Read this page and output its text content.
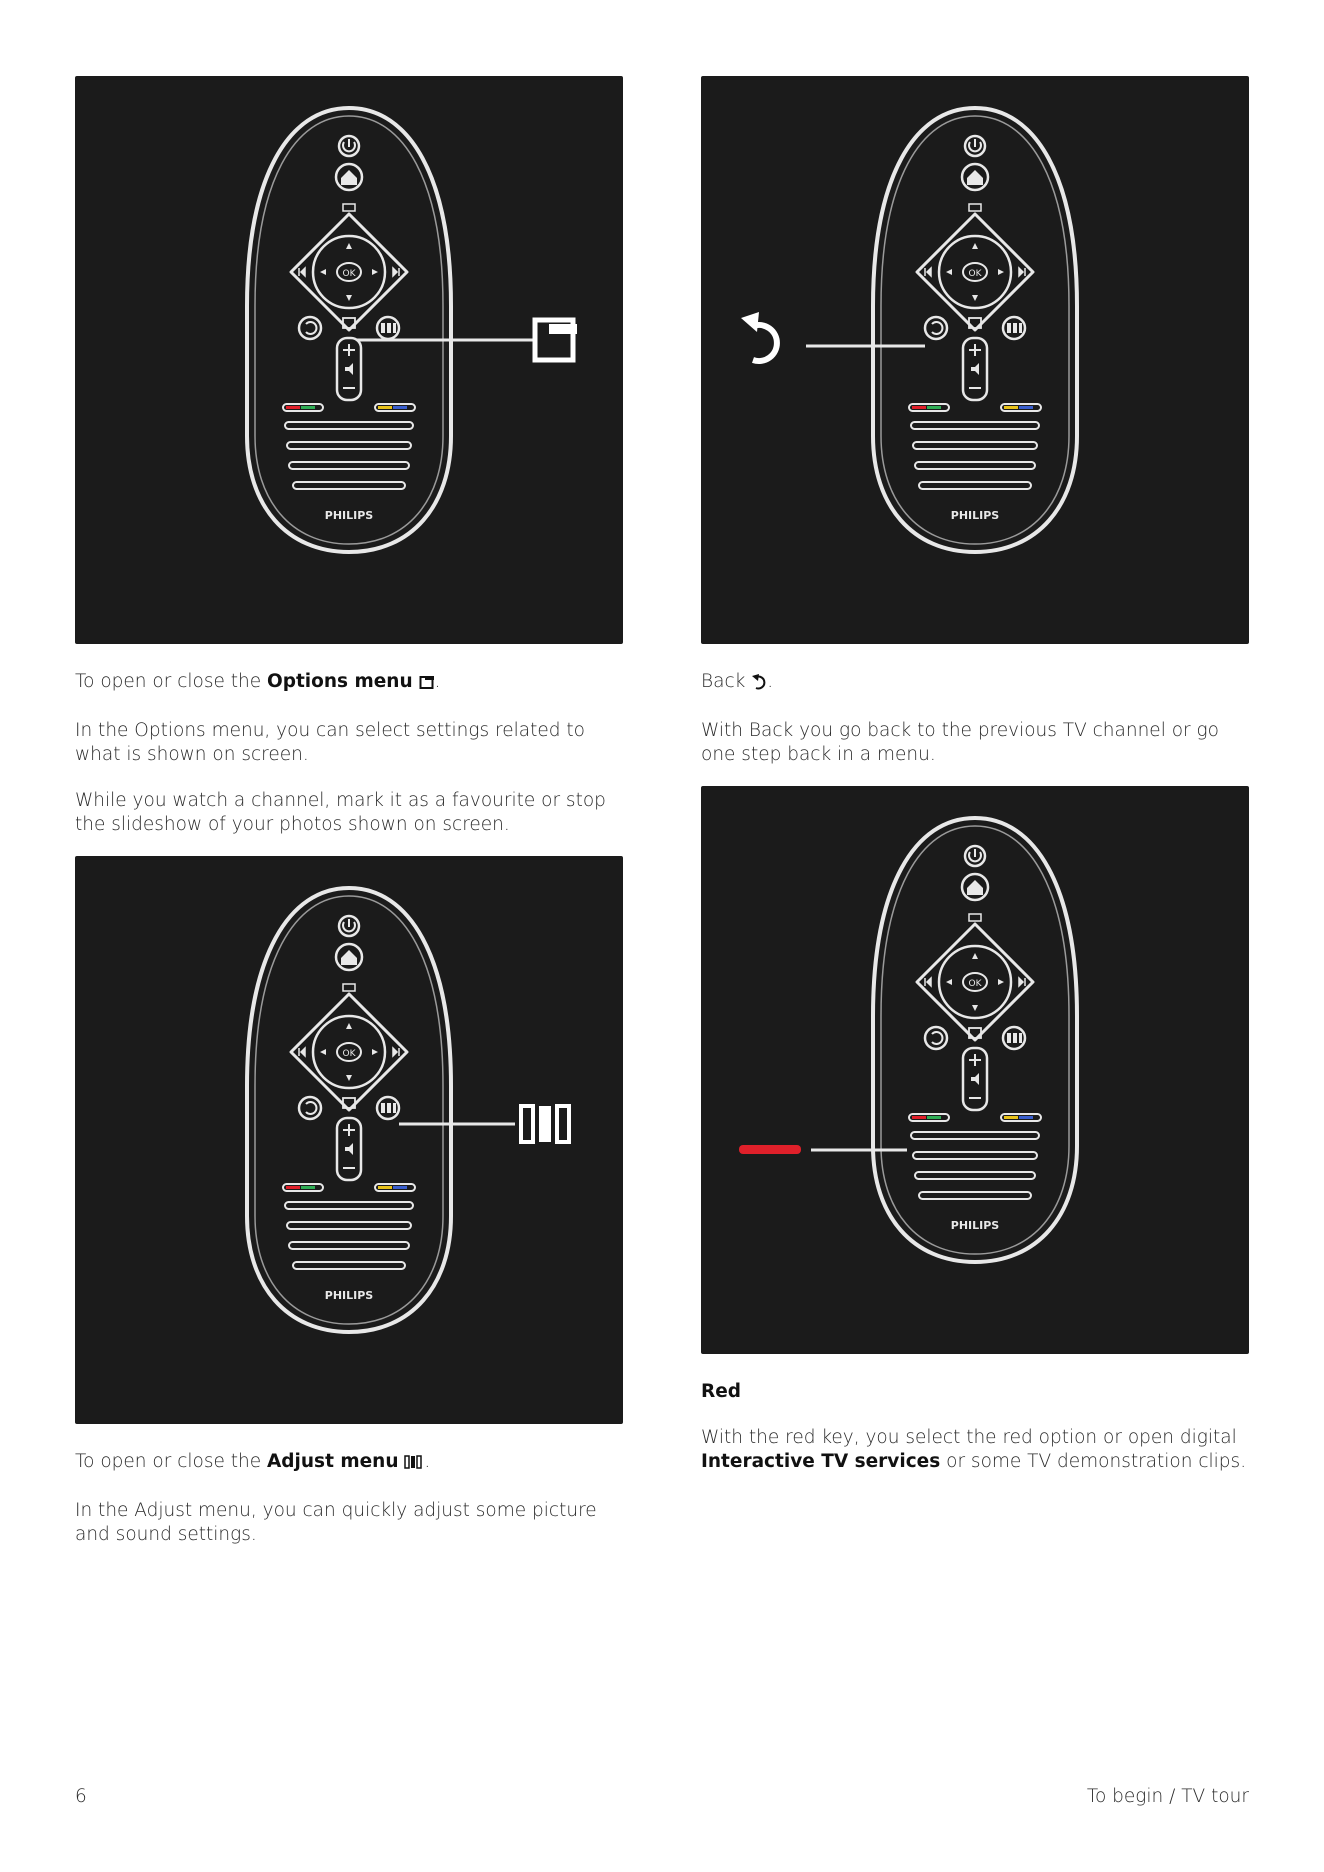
To open or close the Options menu .

In the Options menu, you can select settings related to what is shown on screen.

While you watch a channel, mark it as a favourite or stop the slideshow of your photos shown on screen.

Back .

With Back you go back to the previous TV channel or go one step back in a menu.

Red

With the red key, you select the red option or open digital Interactive TV services or some TV demonstration clips.

To open or close the Adjust menu .

In the Adjust menu, you can quickly adjust some picture and sound settings.

6	To begin / TV tour
